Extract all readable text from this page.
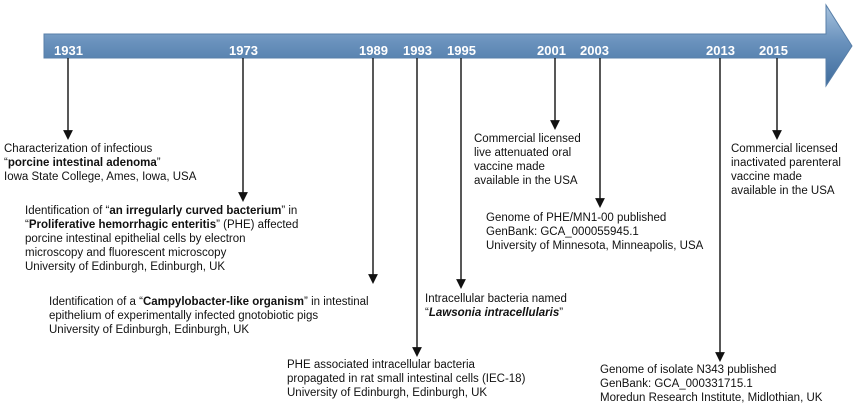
1931	1973	1989 1993 1995	2001 2003	2013 2015
Characterization of infectious
“porcine intestinal adenoma”
Iowa State College, Ames, Iowa, USA
Identification of “an irregularly curved bacterium” in
“Proliferative hemorrhagic enteritis” (PHE) affected
porcine intestinal epithelial cells by electron
microscopy and fluorescent microscopy
University of Edinburgh, Edinburgh, UK
Identification of a “Campylobacter-like organism” in intestinal
epithelium of experimentally infected gnotobiotic pigs
University of Edinburgh, Edinburgh, UK
PHE associated intracellular bacteria
propagated in rat small intestinal cells (IEC-18)
University of Edinburgh, Edinburgh, UK
Intracellular bacteria named
“Lawsonia intracellularis”
Commercial licensed
live attenuated oral
vaccine made
available in the USA
Genome of PHE/MN1-00 published
GenBank: GCA_000055945.1
University of Minnesota, Minneapolis, USA
Genome of isolate N343 published
GenBank: GCA_000331715.1
Moredun Research Institute, Midlothian, UK
Commercial licensed
inactivated parenteral
vaccine made
available in the USA
